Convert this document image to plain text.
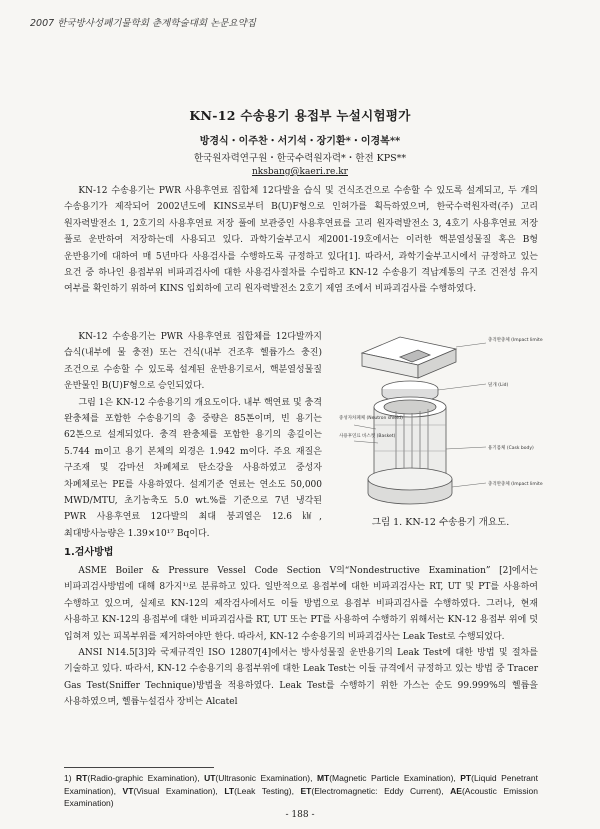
2007 한국방사성폐기물학회 춘계학술대회 논문요약집
KN-12 수송용기 용접부 누설시험평가
방경식・이주찬・서기석・장기환*・이경복**
한국원자력연구원・한국수력원자력*・한전 KPS**
nksbang@kaeri.re.kr

KN-12 수송용기는 PWR 사용후연료 집합체 12다발을 습식 및 건식조건으로 수송할 수 있도록 설계되고, 두 개의 수송용기가 제작되어 2002년도에 KINS로부터 B(U)F형으로 인허가를 획득하였으며, 한국수력원자력(주) 고리 원자력발전소 1, 2호기의 사용후연료 저장 풀에 보관중인 사용후연료를 고리 원자력발전소 3, 4호기 사용후연료 저장 풀로 운반하여 저장하는데 사용되고 있다. 과학기술부고시 제2001-19호에서는 이러한 핵분열성물질 혹은 B형 운반용기에 대하여 매 5년마다 사용검사를 수행하도록 규정하고 있다[1]. 따라서, 과학기술부고시에서 규정하고 있는 요건 중 하나인 용접부위 비파괴검사에 대한 사용검사절차를 수립하고 KN-12 수송용기 격납계통의 구조 건전성 유지 여부를 확인하기 위하여 KINS 입회하에 고리 원자력발전소 2호기 제염 조에서 비파괴검사를 수행하였다.

KN-12 수송용기는 PWR 사용후연료 집합체를 12다발까지 습식(내부에 물 충전) 또는 건식(내부 건조후 헬륨가스 충진)조건으로 수송할 수 있도록 설계된 운반용기로서, 핵분열성물질 운반물인 B(U)F형으로 승인되었다.

그림 1은 KN-12 수송용기의 개요도이다. 내부 핵연료 및 충격 완충체를 포함한 수송용기의 총 중량은 85톤이며, 빈 용기는 62톤으로 설계되었다. 충격 완충체를 포함한 용기의 총길이는 5.744 m이고 용기 본체의 외경은 1.942 m이다. 주요 재질은 구조재 및 감마선 차폐체로 탄소강을 사용하였고 중성자 차폐체로는 PE를 사용하였다. 설계기준 연료는 연소도 50,000 MWD/MTU, 초기농축도 5.0 wt.%를 기준으로 7년 냉각된 PWR 사용후연료 12다발의 최대 붕괴열은 12.6 ㎾, 최대방사능량은 1.39×10¹⁷ Bq이다.

충격완충체 (Impact limiter)
덮개 (Lid)
중성자차폐체 (Neutron shield)
사용후연료 바스켓 (Basket)
용기몸체 (Cask body)
충격완충체 (Impact limiter)
그림 1. KN-12 수송용기 개요도.
1.검사방법

ASME Boiler & Pressure Vessel Code Section V의“Nondestructive Examination” [2]에서는 비파괴검사방법에 대해 8가지¹⁾로 분류하고 있다. 일반적으로 용접부에 대한 비파괴검사는 RT, UT 및 PT를 사용하여 수행하고 있으며, 실제로 KN-12의 제작검사에서도 이들 방법으로 용접부 비파괴검사를 수행하였다. 그러나, 현재 사용하고 KN-12의 용접부에 대한 비파괴검사를 RT, UT 또는 PT를 사용하여 수행하기 위해서는 KN-12 용접부 위에 덧 입혀져 있는 피복부위를 제거하여야만 한다. 따라서, KN-12 수송용기의 비파괴검사는 Leak Test로 수행되었다.

ANSI N14.5[3]와 국제규격인 ISO 12807[4]에서는 방사성물질 운반용기의 Leak Test에 대한 방법 및 절차를 기술하고 있다. 따라서, KN-12 수송용기의 용접부위에 대한 Leak Test는 이들 규격에서 규정하고 있는 방법 중 Tracer Gas Test(Sniffer Technique)방법을 적용하였다. Leak Test를 수행하기 위한 가스는 순도 99.999%의 헬륨을 사용하였으며, 헬륨누설검사 장비는 Alcatel

1) RT(Radio-graphic Examination), UT(Ultrasonic Examination), MT(Magnetic Particle Examination), PT(Liquid Penetrant Examination), VT(Visual Examination), LT(Leak Testing), ET(Electromagnetic: Eddy Current), AE(Acoustic Emission Examination)
- 188 -
